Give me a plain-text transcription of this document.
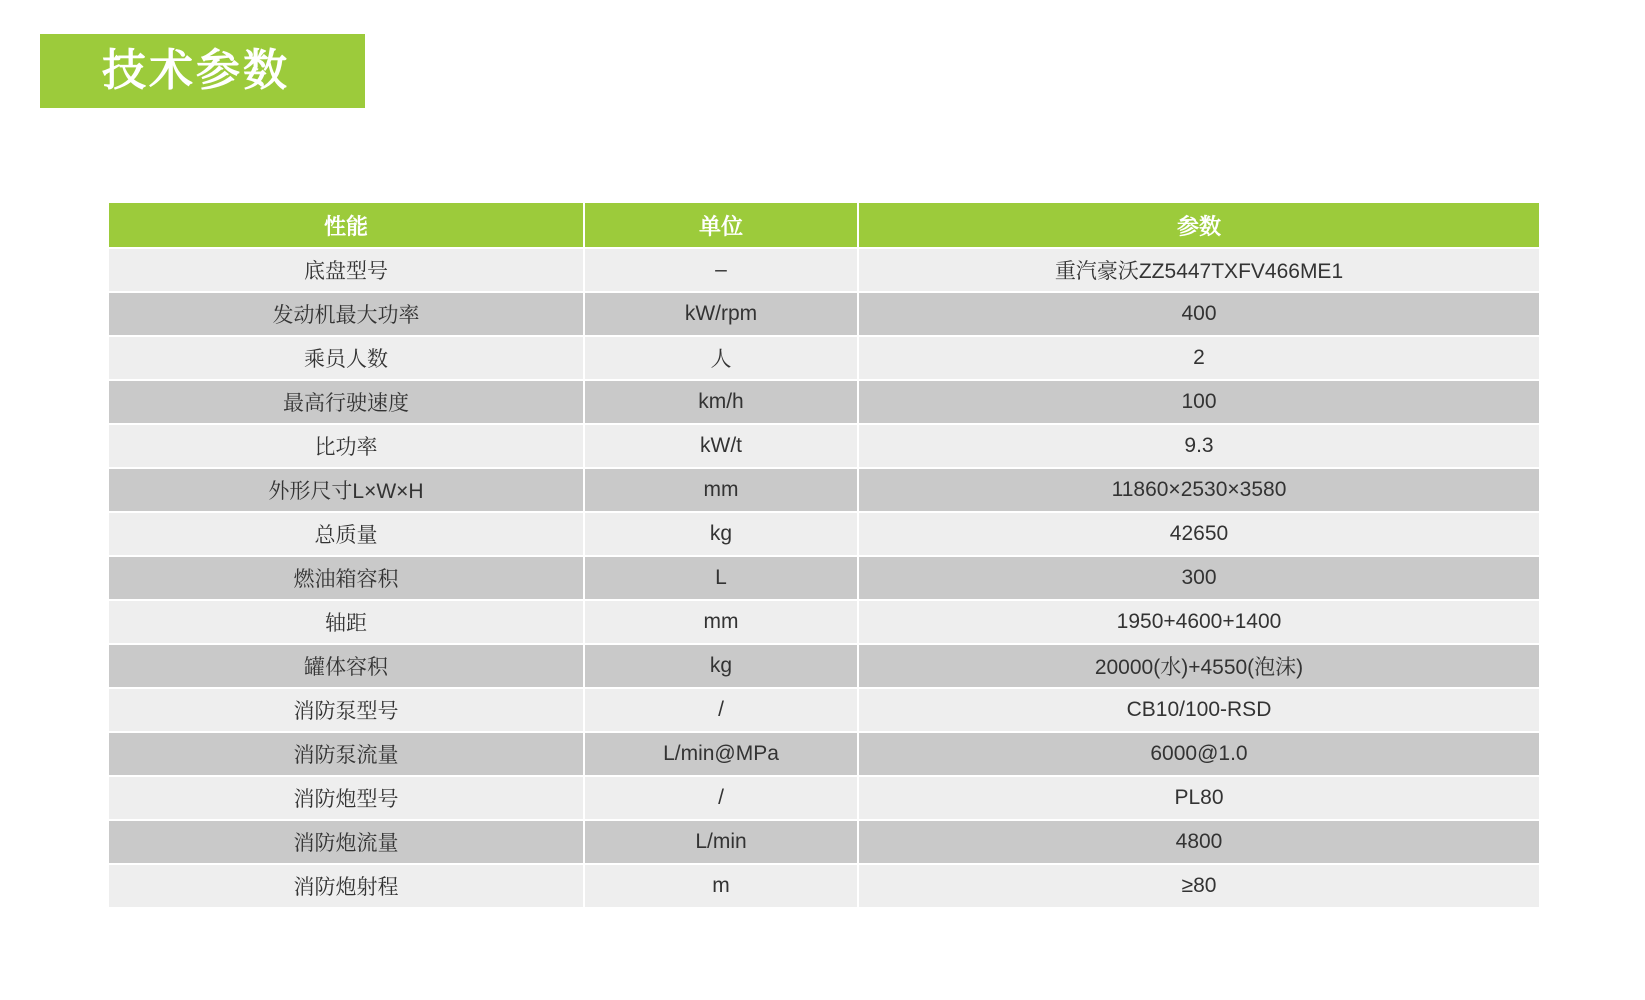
技术参数
性能	单位	参数
底盘型号	–	重汽豪沃ZZ5447TXFV466ME1
发动机最大功率	kW/rpm	400
乘员人数	人	2
最高行驶速度	km/h	100
比功率	kW/t	9.3
外形尺寸L×W×H	mm	11860×2530×3580
总质量	kg	42650
燃油箱容积	L	300
轴距	mm	1950+4600+1400
罐体容积	kg	20000(水)+4550(泡沫)
消防泵型号	/	CB10/100-RSD
消防泵流量	L/min@MPa	6000@1.0
消防炮型号	/	PL80
消防炮流量	L/min	4800
消防炮射程	m	≥80
